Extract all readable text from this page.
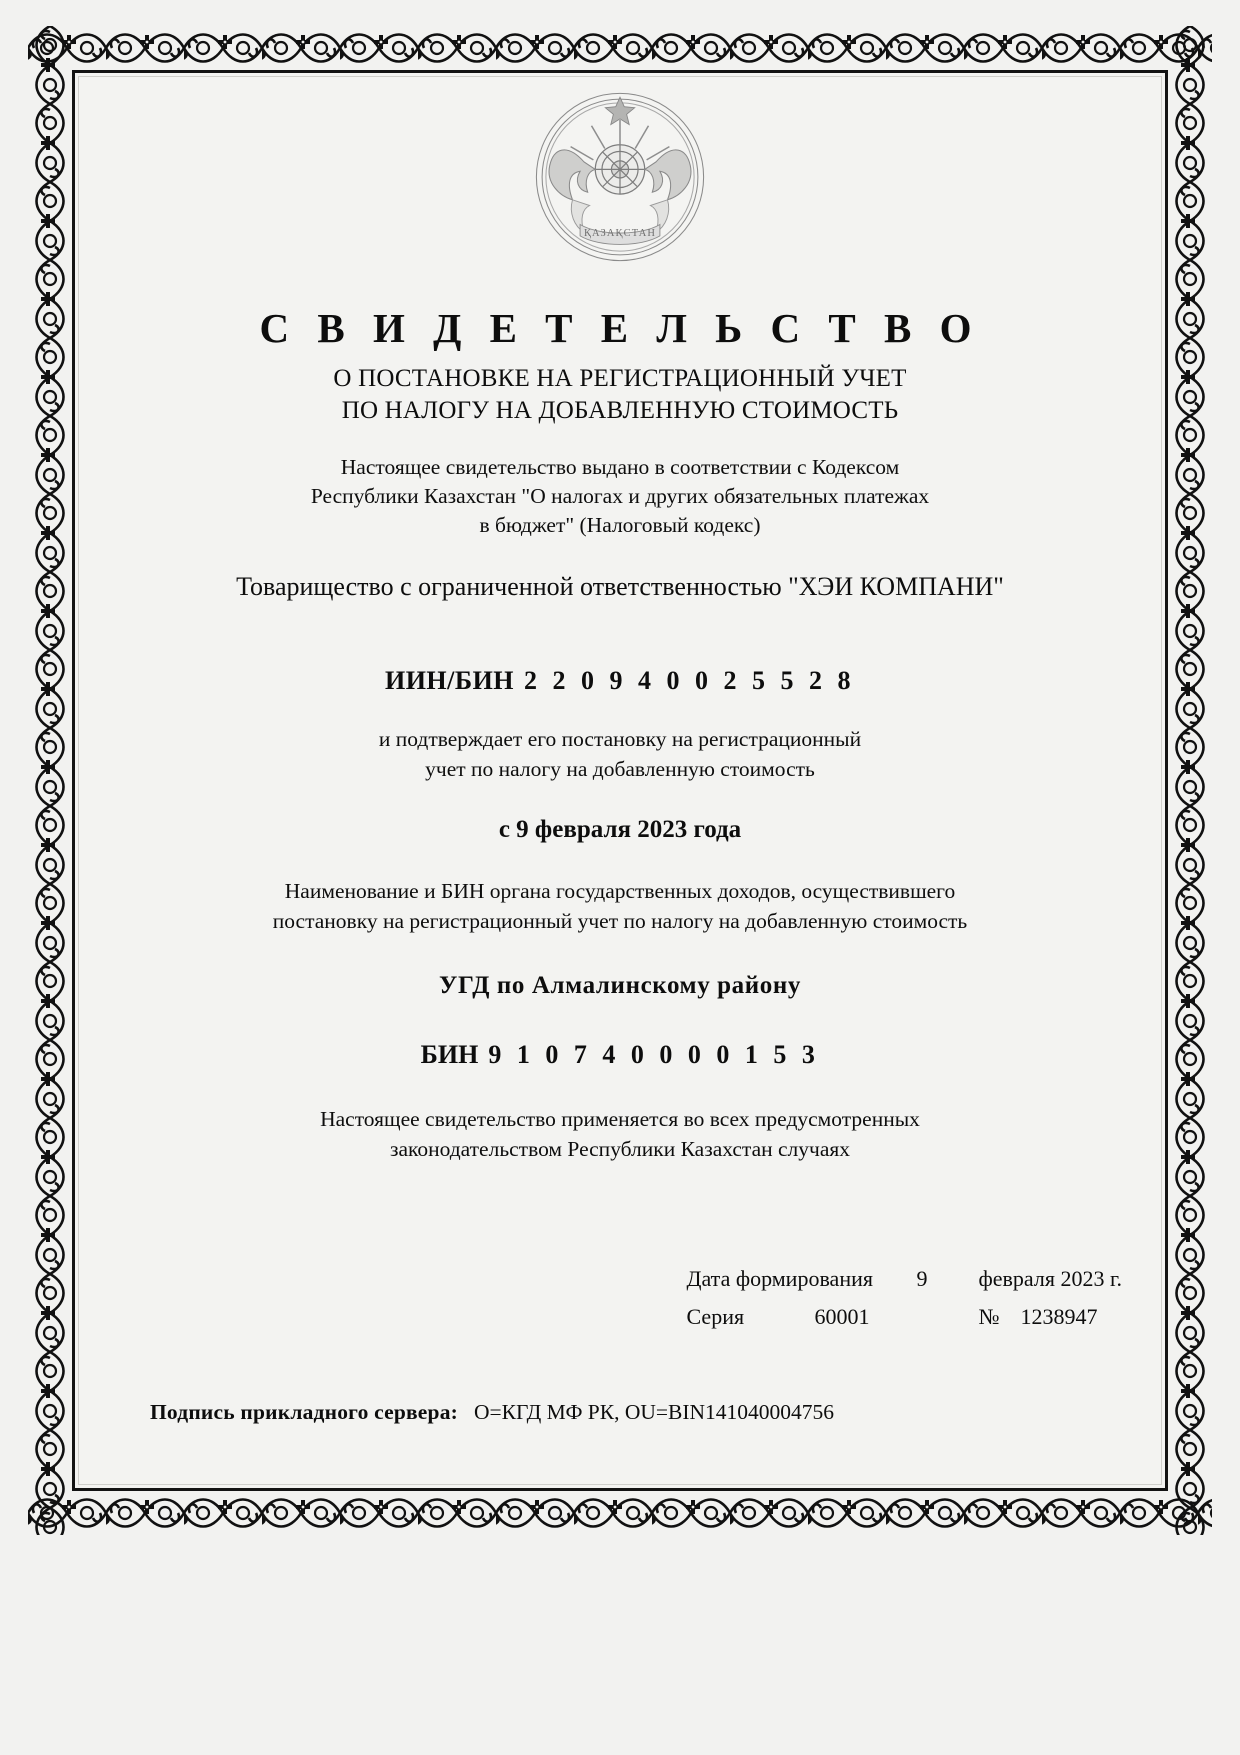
ҚАЗАҚСТАН
С В И Д Е Т Е Л Ь С Т В О
О ПОСТАНОВКЕ НА РЕГИСТРАЦИОННЫЙ УЧЕТ
ПО НАЛОГУ НА ДОБАВЛЕННУЮ СТОИМОСТЬ
Настоящее свидетельство выдано в соответствии с Кодексом
Республики Казахстан "О налогах и других обязательных платежах
в бюджет" (Налоговый кодекс)
Товарищество с ограниченной ответственностью "ХЭИ КОМПАНИ"
ИИН/БИН 2 2 0 9 4 0 0 2 5 5 2 8
и подтверждает его постановку на регистрационный
учет по налогу на добавленную стоимость
с 9 февраля 2023 года
Наименование и БИН органа государственных доходов, осуществившего
постановку на регистрационный учет по налогу на добавленную стоимость
УГД по Алмалинскому району
БИН 9 1 0 7 4 0 0 0 0 1 5 3
Настоящее свидетельство применяется во всех предусмотренных
законодательством Республики Казахстан случаях
Дата формирования	9	февраля 2023 г.
Серия	60001	№ 1238947
Подпись прикладного сервера: O=КГД МФ РК, OU=BIN141040004756
